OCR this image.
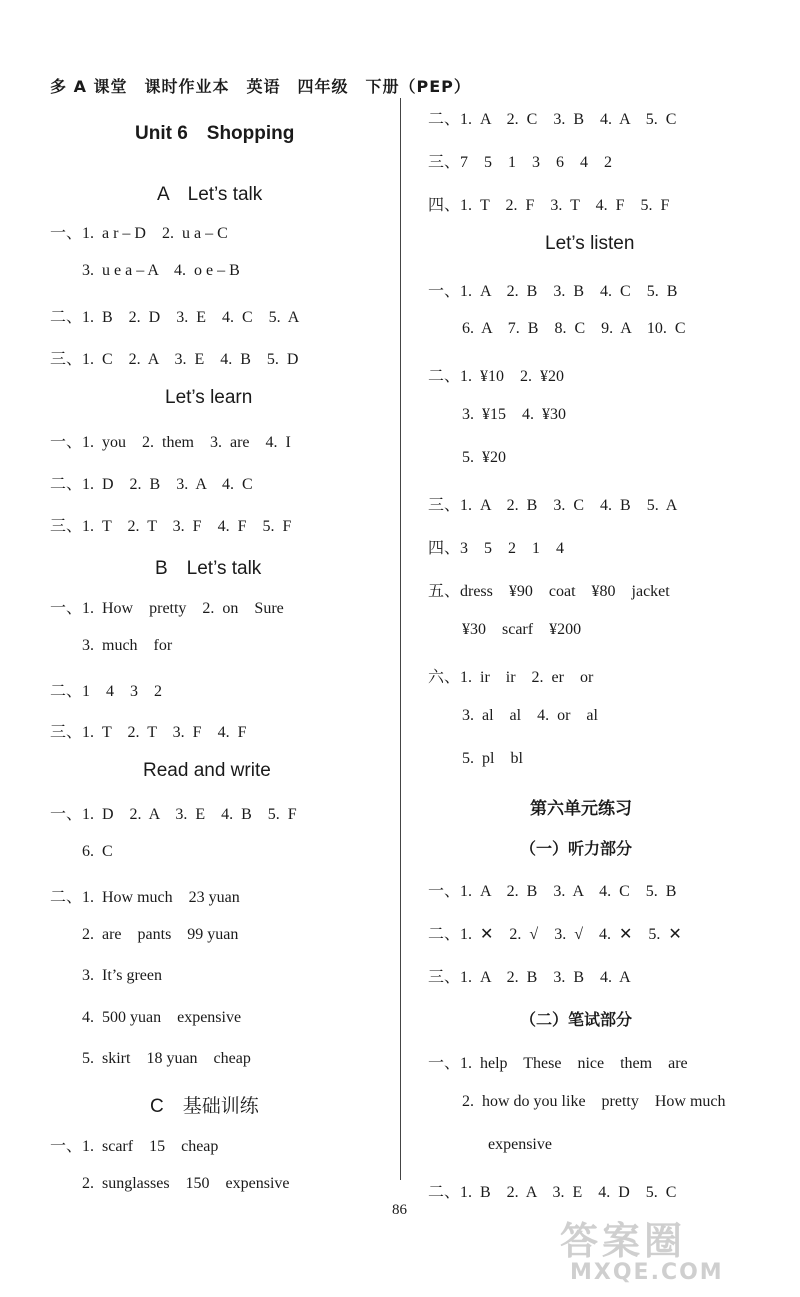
多 A 课堂　课时作业本　英语　四年级　下册（PEP）
Unit 6　Shopping
A　Let’s talk
一、1.  a r – D    2.  u a – C
3.  u e a – A    4.  o e – B
二、1.  B    2.  D    3.  E    4.  C    5.  A
三、1.  C    2.  A    3.  E    4.  B    5.  D
Let’s learn
一、1.  you    2.  them    3.  are    4.  I
二、1.  D    2.  B    3.  A    4.  C
三、1.  T    2.  T    3.  F    4.  F    5.  F
B　Let’s talk
一、1.  How    pretty    2.  on    Sure
3.  much    for
二、1    4    3    2
三、1.  T    2.  T    3.  F    4.  F
Read and write
一、1.  D    2.  A    3.  E    4.  B    5.  F
6.  C
二、1.  How much    23 yuan
2.  are    pants    99 yuan
3.  It’s green
4.  500 yuan    expensive
5.  skirt    18 yuan    cheap
C　基础训练
一、1.  scarf    15    cheap
2.  sunglasses    150    expensive
二、1.  A    2.  C    3.  B    4.  A    5.  C
三、7    5    1    3    6    4    2
四、1.  T    2.  F    3.  T    4.  F    5.  F
Let’s listen
一、1.  A    2.  B    3.  B    4.  C    5.  B
6.  A    7.  B    8.  C    9.  A    10.  C
二、1.  ¥10    2.  ¥20
3.  ¥15    4.  ¥30
5.  ¥20
三、1.  A    2.  B    3.  C    4.  B    5.  A
四、3    5    2    1    4
五、dress    ¥90    coat    ¥80    jacket
¥30    scarf    ¥200
六、1.  ir    ir    2.  er    or
3.  al    al    4.  or    al
5.  pl    bl
第六单元练习
（一）听力部分
一、1.  A    2.  B    3.  A    4.  C    5.  B
二、1.  ✕    2.  √    3.  √    4.  ✕    5.  ✕
三、1.  A    2.  B    3.  B    4.  A
（二）笔试部分
一、1.  help    These    nice    them    are
2.  how do you like    pretty    How much
expensive
二、1.  B    2.  A    3.  E    4.  D    5.  C
86
答案圈
MXQE.COM
